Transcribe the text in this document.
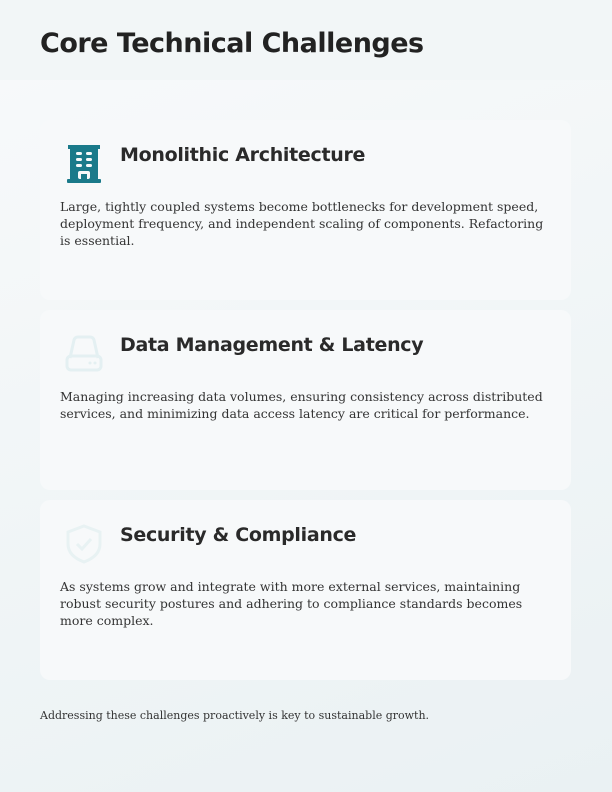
Core Technical Challenges
Monolithic Architecture

Large, tightly coupled systems become bottlenecks for development speed, deployment frequency, and independent scaling of components. Refactoring is essential.

Data Management & Latency

Managing increasing data volumes, ensuring consistency across distributed services, and minimizing data access latency are critical for performance.

Security & Compliance

As systems grow and integrate with more external services, maintaining robust security postures and adhering to compliance standards becomes more complex.

Addressing these challenges proactively is key to sustainable growth.
